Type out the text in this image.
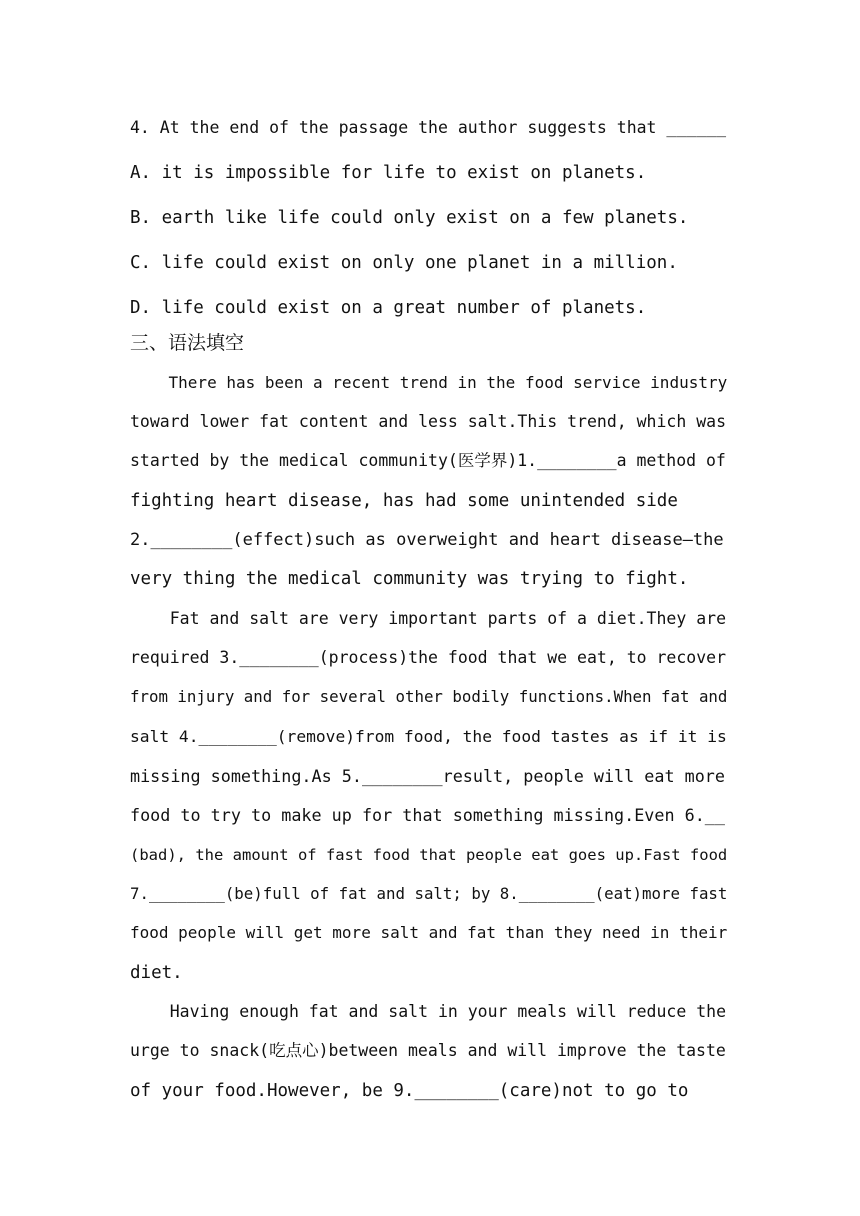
4. At the end of the passage the author suggests that ______
A. it is impossible for life to exist on planets.
B. earth like life could only exist on a few planets.
C. life could exist on only one planet in a million.
D. life could exist on a great number of planets.
三、语法填空
There has been a recent trend in the food service industry
toward lower fat content and less salt.This trend, which was
started by the medical community(医学界)1.________a method of
fighting heart disease, has had some unintended side
2.________(effect)such as overweight and heart disease—the
very thing the medical community was trying to fight.
Fat and salt are very important parts of a diet.They are
required 3.________(process)the food that we eat, to recover
from injury and for several other bodily functions.When fat and
salt 4.________(remove)from food, the food tastes as if it is
missing something.As 5.________result, people will eat more
food to try to make up for that something missing.Even 6.__
(bad), the amount of fast food that people eat goes up.Fast food
7.________(be)full of fat and salt; by 8.________(eat)more fast
food people will get more salt and fat than they need in their
diet.
Having enough fat and salt in your meals will reduce the
urge to snack(吃点心)between meals and will improve the taste
of your food.However, be 9.________(care)not to go to
